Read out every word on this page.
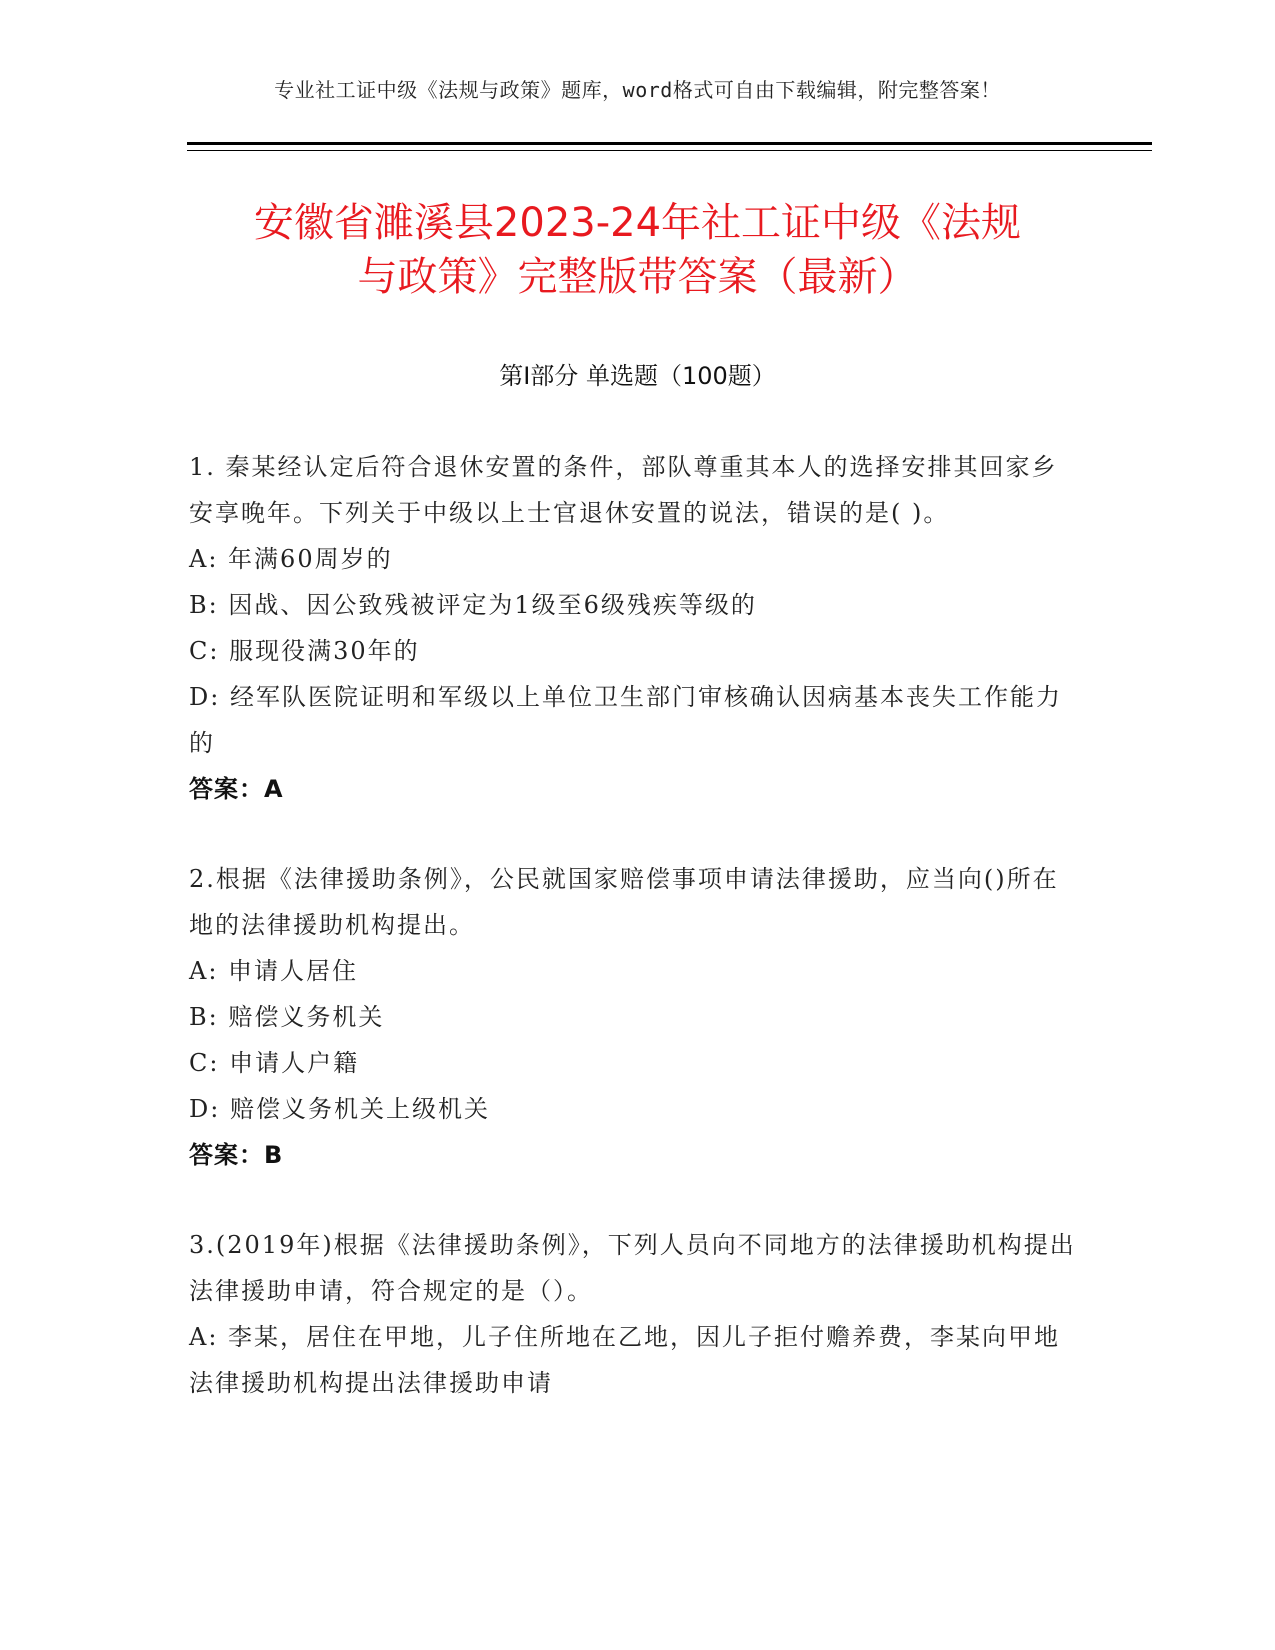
专业社工证中级《法规与政策》题库，word格式可自由下载编辑，附完整答案！
安徽省濉溪县2023-24年社工证中级《法规
与政策》完整版带答案（最新）
第Ⅰ部分 单选题（100题）

1. 秦某经认定后符合退休安置的条件，部队尊重其本人的选择安排其回家乡安享晚年。下列关于中级以上士官退休安置的说法，错误的是( )。

A: 年满60周岁的

B: 因战、因公致残被评定为1级至6级残疾等级的

C: 服现役满30年的

D: 经军队医院证明和军级以上单位卫生部门审核确认因病基本丧失工作能力的

答案：A

2.根据《法律援助条例》，公民就国家赔偿事项申请法律援助，应当向()所在地的法律援助机构提出。

A: 申请人居住

B: 赔偿义务机关

C: 申请人户籍

D: 赔偿义务机关上级机关

答案：B

3.(2019年)根据《法律援助条例》，下列人员向不同地方的法律援助机构提出法律援助申请，符合规定的是（）。

A: 李某，居住在甲地，儿子住所地在乙地，因儿子拒付赡养费，李某向甲地法律援助机构提出法律援助申请
